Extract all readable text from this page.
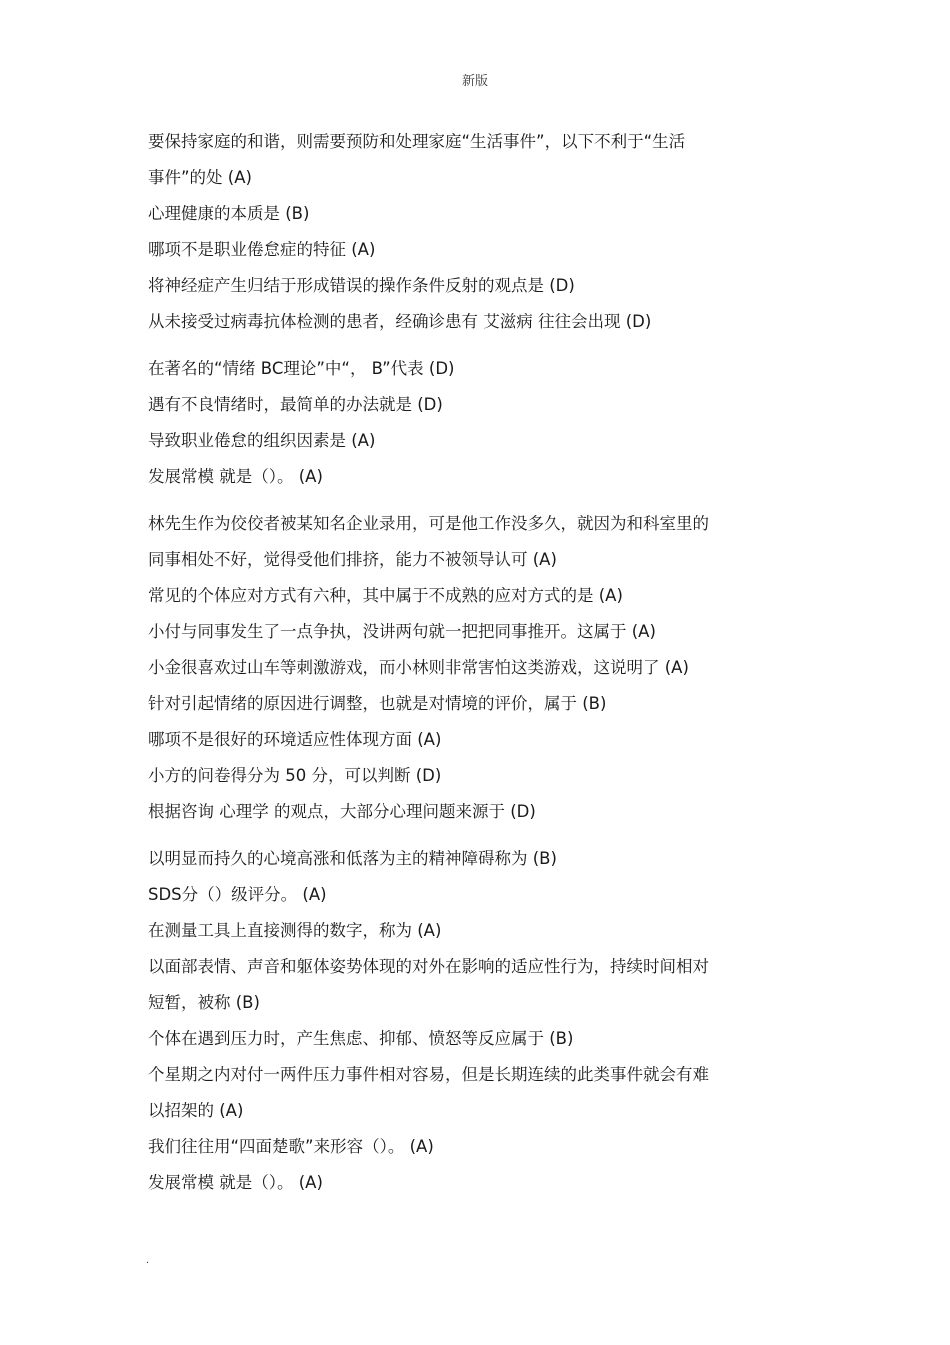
新版
要保持家庭的和谐，则需要预防和处理家庭“生活事件”，以下不利于“生活
事件”的处 (A)
心理健康的本质是 (B)
哪项不是职业倦怠症的特征 (A)
将神经症产生归结于形成错误的操作条件反射的观点是 (D)
从未接受过病毒抗体检测的患者，经确诊患有 艾滋病 往往会出现 (D)
在著名的“情绪 BC理论”中“， B”代表 (D)
遇有不良情绪时，最简单的办法就是 (D)
导致职业倦怠的组织因素是 (A)
发展常模 就是（）。 (A)
林先生作为佼佼者被某知名企业录用，可是他工作没多久，就因为和科室里的
同事相处不好，觉得受他们排挤，能力不被领导认可 (A)
常见的个体应对方式有六种，其中属于不成熟的应对方式的是 (A)
小付与同事发生了一点争执，没讲两句就一把把同事推开。这属于 (A)
小金很喜欢过山车等刺激游戏，而小林则非常害怕这类游戏，这说明了 (A)
针对引起情绪的原因进行调整，也就是对情境的评价，属于 (B)
哪项不是很好的环境适应性体现方面 (A)
小方的问卷得分为 50 分，可以判断 (D)
根据咨询 心理学 的观点，大部分心理问题来源于 (D)
以明显而持久的心境高涨和低落为主的精神障碍称为 (B)
SDS分（）级评分。 (A)
在测量工具上直接测得的数字，称为 (A)
以面部表情、声音和躯体姿势体现的对外在影响的适应性行为，持续时间相对
短暂，被称 (B)
个体在遇到压力时，产生焦虑、抑郁、愤怒等反应属于 (B)
个星期之内对付一两件压力事件相对容易，但是长期连续的此类事件就会有难
以招架的 (A)
我们往往用“四面楚歌”来形容（）。 (A)
发展常模 就是（）。 (A)
.
